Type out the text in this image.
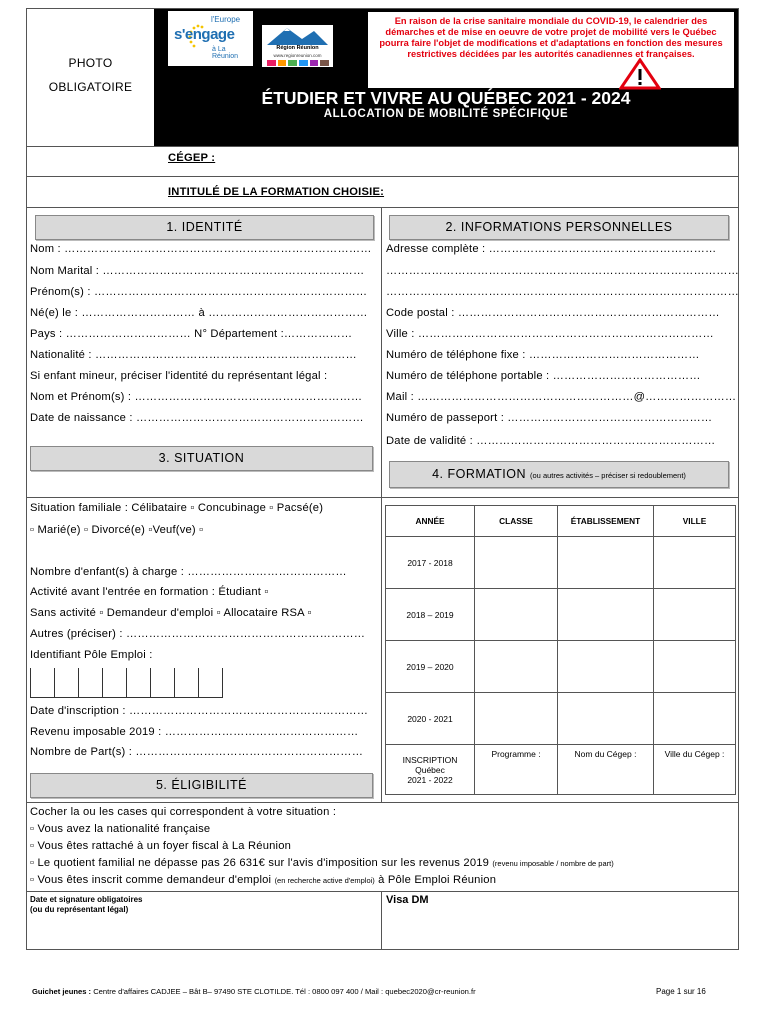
PHOTO
OBLIGATOIRE
l'Europe
s'engage
à La Réunion
Région Réunion
www.regionreunion.com
En raison de la crise sanitaire mondiale du COVID-19, le calendrier des démarches et de mise en oeuvre de votre projet de mobilité vers le Québec pourra faire l'objet de modifications et d'adaptations en fonction des mesures restrictives décidées par les autorités canadiennes et françaises.
ÉTUDIER ET VIVRE AU QUÉBEC 2021 - 2024
ALLOCATION DE MOBILITÉ SPÉCIFIQUE
CÉGEP :
INTITULÉ DE LA FORMATION CHOISIE:
1. IDENTITÉ	2. INFORMATIONS PERSONNELLES
Nom : ………………………………………………………………………
Nom Marital : ……………………………………………………………
Prénom(s) : ………………………………………………………………
Né(e) le : ………………………… à ……………………………………
Pays : …………………………… N° Département :………………
Nationalité : ……………………………………………………………
Si enfant mineur, préciser l'identité du représentant légal :
Nom et Prénom(s) : ……………………………………………………
Date de naissance : ……………………………………………………
Adresse complète : ……………………………………………………
…………………………………………………………………………………
…………………………………………………………………………………
Code postal : ……………………………………………………………
Ville : ……………………………………………………………………
Numéro de téléphone fixe : ………………………………………
Numéro de téléphone portable : …………………………………
Mail : …………………………………………………@……………………
Numéro de passeport : ………………………………………………
Date de validité : ………………………………………………………
3. SITUATION
4. FORMATION (ou autres activités – préciser si redoublement)
Situation familiale : Célibataire ▫ Concubinage ▫ Pacsé(e)
▫ Marié(e) ▫ Divorcé(e) ▫Veuf(ve) ▫
Nombre d'enfant(s) à charge : ……………………………………
Activité avant l'entrée en formation : Étudiant ▫
Sans activité ▫ Demandeur d'emploi ▫ Allocataire RSA ▫
Autres (préciser) : ………………………………………………………
Identifiant Pôle Emploi :
Date d'inscription : ………………………………………………………
Revenu imposable 2019 : ……………………………………………
Nombre de Part(s) : ……………………………………………………
5. ÉLIGIBILITÉ
ANNÉE	CLASSE	ÉTABLISSEMENT	VILLE
2017 - 2018			
2018 – 2019			
2019 – 2020			
2020 - 2021			

INSCRIPTION
Québec
2021 - 2022	Programme :	Nom du Cégep :	Ville du Cégep :
Cocher la ou les cases qui correspondent à votre situation :
▫ Vous avez la nationalité française
▫ Vous êtes rattaché à un foyer fiscal à La Réunion
▫ Le quotient familial ne dépasse pas 26 631€ sur l'avis d'imposition sur les revenus 2019 (revenu imposable / nombre de part)
▫ Vous êtes inscrit comme demandeur d'emploi (en recherche active d'emploi) à Pôle Emploi Réunion
Date et signature obligatoires
(ou du représentant légal)
Visa DM
Guichet jeunes : Centre d'affaires CADJEE – Bât B– 97490 STE CLOTILDE. Tél : 0800 097 400 / Mail : quebec2020@cr-reunion.fr	Page 1 sur 16
